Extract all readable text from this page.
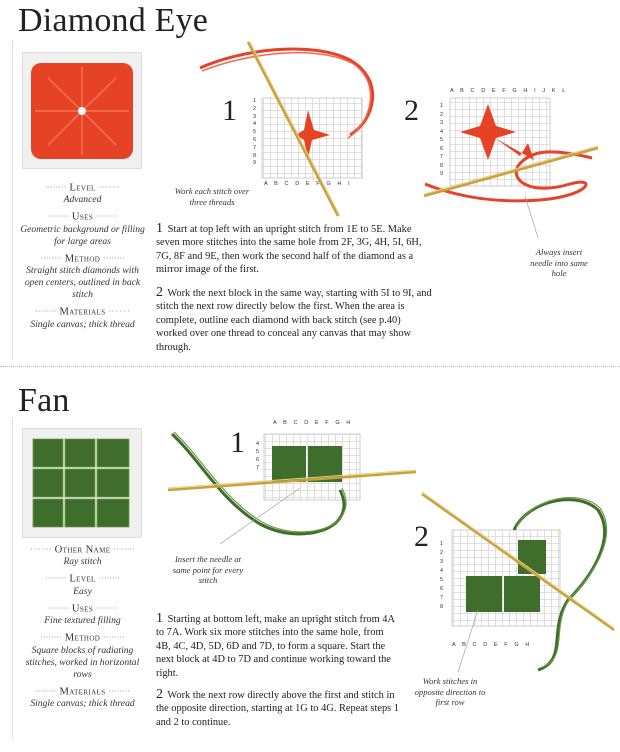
Diamond Eye
········ Level ········
Advanced
········ Uses ········
Geometric background or filling for large areas
········ Method ········
Straight stitch diamonds with open centers, outlined in back stitch
········ Materials ········
Single canvas; thick thread
1
A B C D E F G H I
1 2 3 4 5 6 7 8 9
Work each stitch over three threads
2
A B C D E F G H I J K L
1 2 3 4 5 6 7 8 9
Always insert needle into same hole
1 Start at top left with an upright stitch from 1E to 5E. Make seven more stitches into the same hole from 2F, 3G, 4H, 5I, 6H, 7G, 8F and 9E, then work the second half of the diamond as a mirror image of the first.
2 Work the next block in the same way, starting with 5I to 9I, and stitch the next row directly below the first. When the area is complete, outline each diamond with back stitch (see p.40) worked over one thread to conceal any canvas that may show through.
Fan
········ Other Name ········
Ray stitch
········ Level ········
Easy
········ Uses ········
Fine textured filling
········ Method ········
Square blocks of radiating stitches, worked in horizontal rows
········ Materials ········
Single canvas; thick thread
1
A B C D E F G H
4 5 6 7
Insert the needle at same point for every stitch
2
A B C D E F G H
1 2 3 4 5 6 7 8
Work stitches in opposite direction to first row
1 Starting at bottom left, make an upright stitch from 4A to 7A. Work six more stitches into the same hole, from 4B, 4C, 4D, 5D, 6D and 7D, to form a square. Start the next block at 4D to 7D and continue working toward the right.
2 Work the next row directly above the first and stitch in the opposite direction, starting at 1G to 4G. Repeat steps 1 and 2 to continue.
